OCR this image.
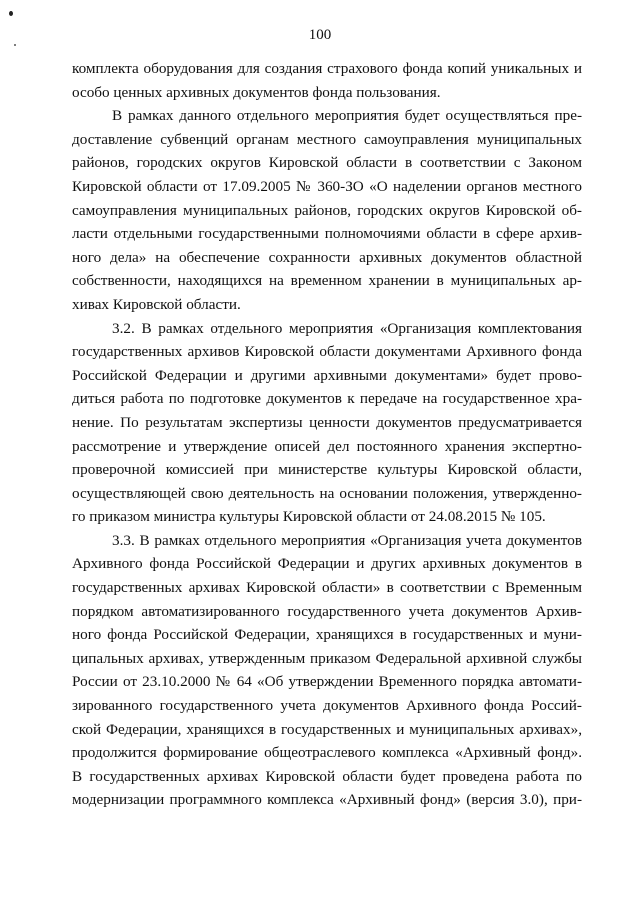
100
комплекта оборудования для создания страхового фонда копий уникальных и
особо ценных архивных документов фонда пользования.
В рамках данного отдельного мероприятия будет осуществляться пре-
доставление субвенций органам местного самоуправления муниципальных
районов, городских округов Кировской области в соответствии с Законом
Кировской области от 17.09.2005 № 360-ЗО «О наделении органов местного
самоуправления муниципальных районов, городских округов Кировской об-
ласти отдельными государственными полномочиями области в сфере архив-
ного дела» на обеспечение сохранности архивных документов областной
собственности, находящихся на временном хранении в муниципальных ар-
хивах Кировской области.
3.2. В рамках отдельного мероприятия «Организация комплектования
государственных архивов Кировской области документами Архивного фонда
Российской Федерации и другими архивными документами» будет прово-
диться работа по подготовке документов к передаче на государственное хра-
нение. По результатам экспертизы ценности документов предусматривается
рассмотрение и утверждение описей дел постоянного хранения экспертно-
проверочной комиссией при министерстве культуры Кировской области,
осуществляющей свою деятельность на основании положения, утвержденно-
го приказом министра культуры Кировской области от 24.08.2015 № 105.
3.3. В рамках отдельного мероприятия «Организация учета документов
Архивного фонда Российской Федерации и других архивных документов в
государственных архивах Кировской области» в соответствии с Временным
порядком автоматизированного государственного учета документов Архив-
ного фонда Российской Федерации, хранящихся в государственных и муни-
ципальных архивах, утвержденным приказом Федеральной архивной службы
России от 23.10.2000 № 64 «Об утверждении Временного порядка автомати-
зированного государственного учета документов Архивного фонда Россий-
ской Федерации, хранящихся в государственных и муниципальных архивах»,
продолжится формирование общеотраслевого комплекса «Архивный фонд».
В государственных архивах Кировской области будет проведена работа по
модернизации программного комплекса «Архивный фонд» (версия 3.0), при-
